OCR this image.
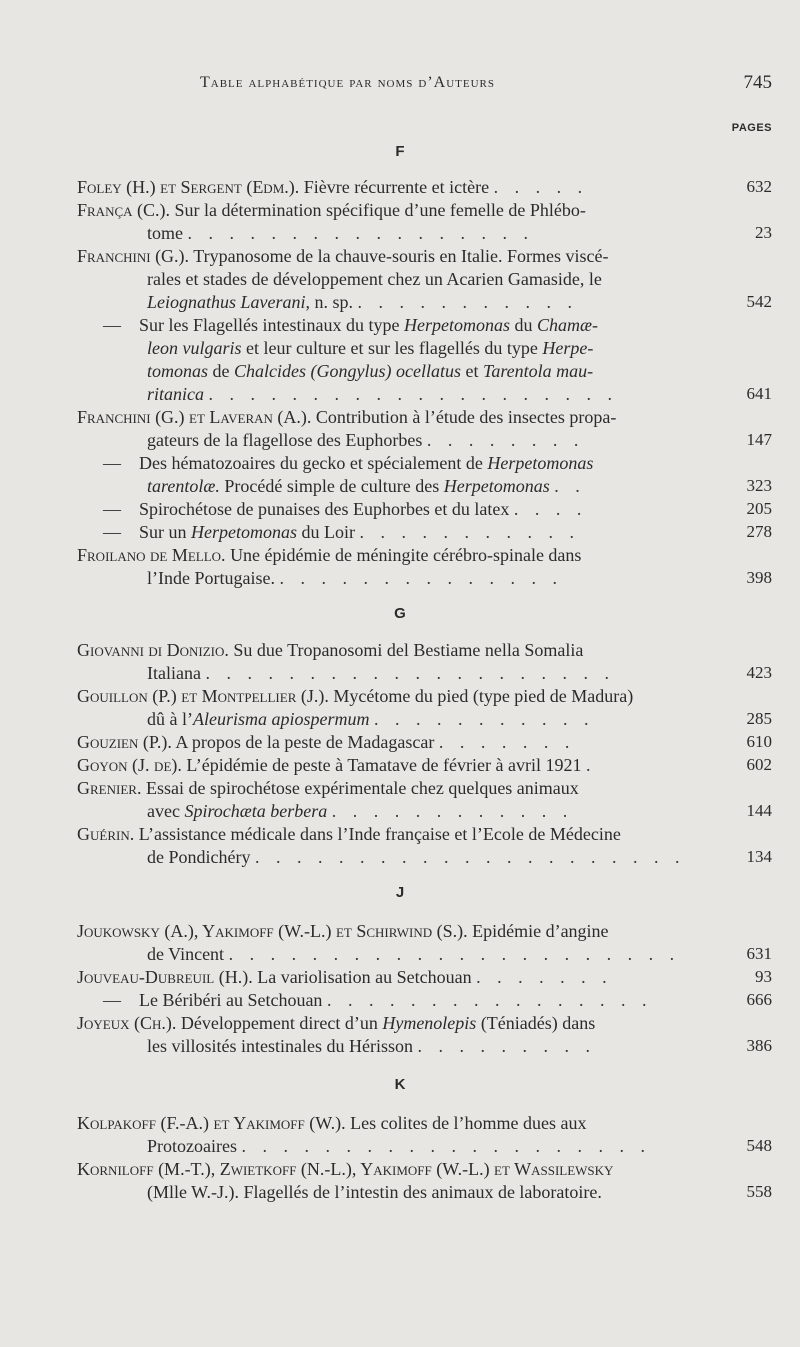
Table alphabétique par noms d’Auteurs	745
PAGES
F
Foley (H.) et Sergent (Edm.). Fièvre récurrente et ictère . . . . .	632
França (C.). Sur la détermination spécifique d’une femelle de Phlébo-
tome . . . . . . . . . . . . . . . . .	23
Franchini (G.). Trypanosome de la chauve-souris en Italie. Formes viscé-
rales et stades de développement chez un Acarien Gamaside, le
Leiognathus Laverani, n. sp. . . . . . . . . . . .	542
— Sur les Flagellés intestinaux du type Herpetomonas du Chamæ-
leon vulgaris et leur culture et sur les flagellés du type Herpe-
tomonas de Chalcides (Gongylus) ocellatus et Tarentola mau-
ritanica . . . . . . . . . . . . . . . . . . . .	641
Franchini (G.) et Laveran (A.). Contribution à l’étude des insectes propa-
gateurs de la flagellose des Euphorbes . . . . . . . .	147
— Des hématozoaires du gecko et spécialement de Herpetomonas
tarentolæ. Procédé simple de culture des Herpetomonas . .	323
— Spirochétose de punaises des Euphorbes et du latex . . . .	205
— Sur un Herpetomonas du Loir . . . . . . . . . . .	278
Froilano de Mello. Une épidémie de méningite cérébro-spinale dans
l’Inde Portugaise. . . . . . . . . . . . . . .	398
G
Giovanni di Donizio. Su due Tropanosomi del Bestiame nella Somalia
Italiana . . . . . . . . . . . . . . . . . . . .	423
Gouillon (P.) et Montpellier (J.). Mycétome du pied (type pied de Madura)
dû à l’Aleurisma apiospermum . . . . . . . . . . .	285
Gouzien (P.). A propos de la peste de Madagascar . . . . . . .	610
Goyon (J. de). L’épidémie de peste à Tamatave de février à avril 1921 .	602
Grenier. Essai de spirochétose expérimentale chez quelques animaux
avec Spirochæta berbera . . . . . . . . . . . .	144
Guérin. L’assistance médicale dans l’Inde française et l’Ecole de Médecine
de Pondichéry . . . . . . . . . . . . . . . . . . . . .	134
J
Joukowsky (A.), Yakimoff (W.-L.) et Schirwind (S.). Epidémie d’angine
de Vincent . . . . . . . . . . . . . . . . . . . . . .	631
Jouveau-Dubreuil (H.). La variolisation au Setchouan . . . . . . .	93
— Le Béribéri au Setchouan . . . . . . . . . . . . . . . .	666
Joyeux (Ch.). Développement direct d’un Hymenolepis (Téniadés) dans
les villosités intestinales du Hérisson . . . . . . . . .	386
K
Kolpakoff (F.-A.) et Yakimoff (W.). Les colites de l’homme dues aux
Protozoaires . . . . . . . . . . . . . . . . . . . .	548
Korniloff (M.-T.), Zwietkoff (N.-L.), Yakimoff (W.-L.) et Wassilewsky
(Mlle W.-J.). Flagellés de l’intestin des animaux de laboratoire.	558
